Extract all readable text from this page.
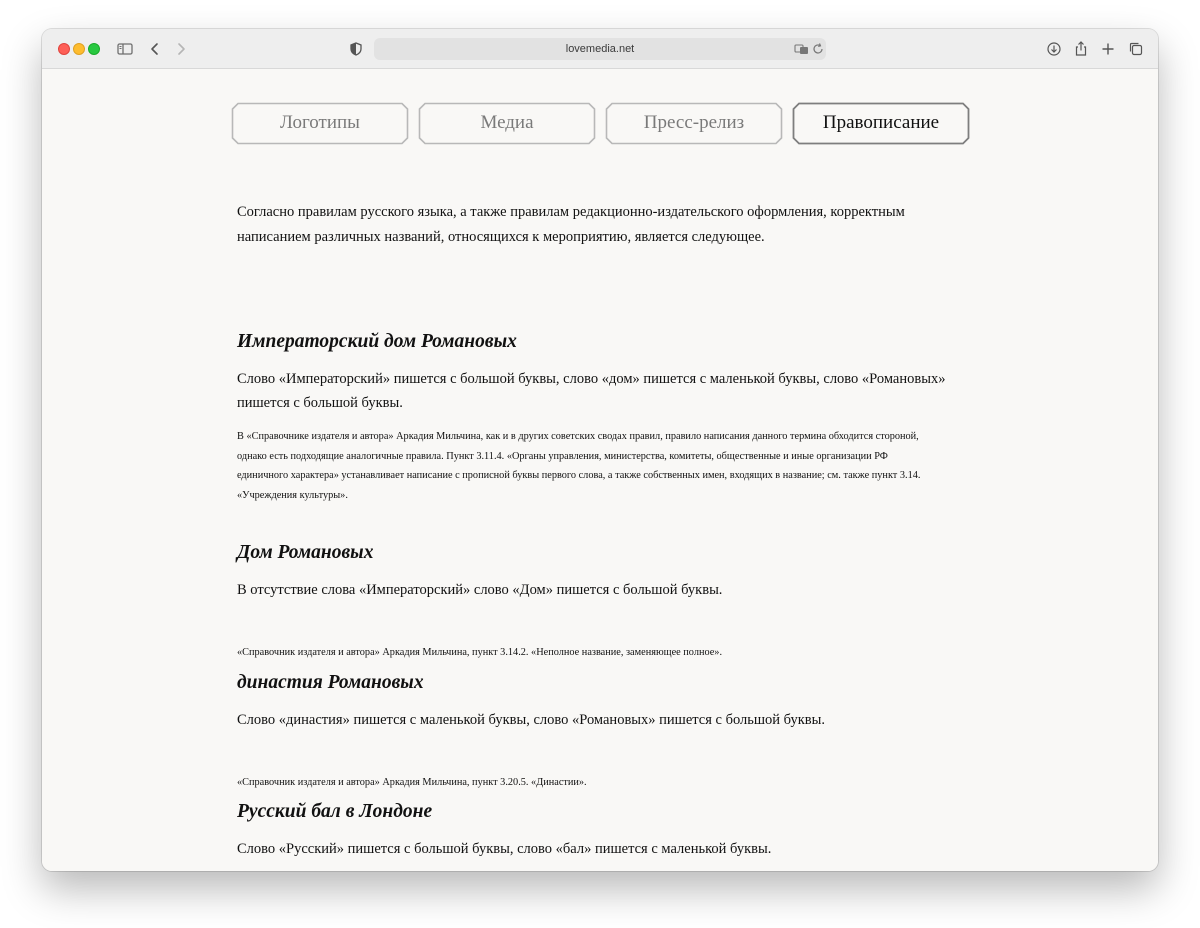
lovemedia.net
Логотипы	Медиа	Пресс-релиз	Правописание

Согласно правилам русского языка, а также правилам редакционно-издательского оформления, корректным написанием различных названий, относящихся к мероприятию, является следующее.

Императорский дом Романовых

Слово «Императорский» пишется с большой буквы, слово «дом» пишется с маленькой буквы, слово «Романовых» пишется с большой буквы.

В «Справочнике издателя и автора» Аркадия Мильчина, как и в других советских сводах правил, правило написания данного термина обходится стороной, однако есть подходящие аналогичные правила. Пункт 3.11.4. «Органы управления, министерства, комитеты, общественные и иные организации РФ единичного характера» устанавливает написание с прописной буквы первого слова, а также собственных имен, входящих в название; см. также пункт 3.14. «Учреждения культуры».

Дом Романовых

В отсутствие слова «Императорский» слово «Дом» пишется с большой буквы.

«Справочник издателя и автора» Аркадия Мильчина, пункт 3.14.2. «Неполное название, заменяющее полное».

династия Романовых

Слово «династия» пишется с маленькой буквы, слово «Романовых» пишется с большой буквы.

«Справочник издателя и автора» Аркадия Мильчина, пункт 3.20.5. «Династии».

Русский бал в Лондоне

Слово «Русский» пишется с большой буквы, слово «бал» пишется с маленькой буквы.
